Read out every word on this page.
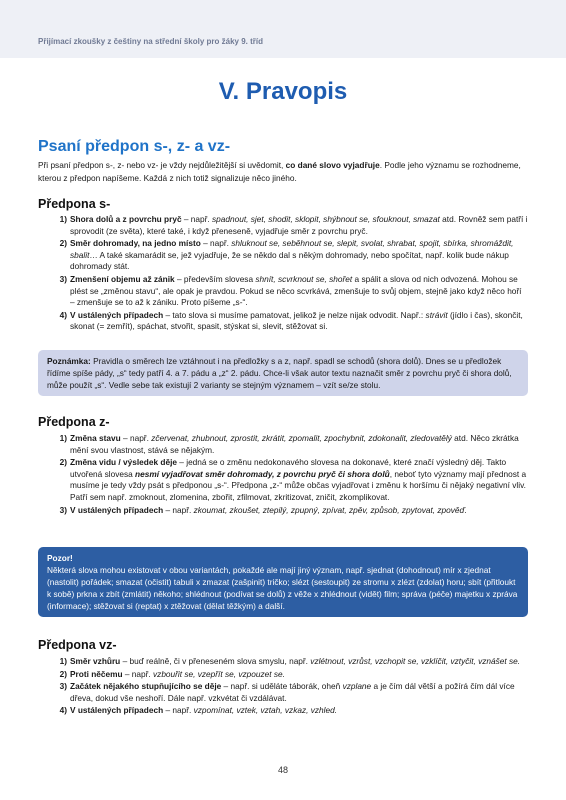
Přijímací zkoušky z češtiny na střední školy pro žáky 9. tříd
V. Pravopis
Psaní předpon s-, z- a vz-
Při psaní předpon s-, z- nebo vz- je vždy nejdůležitější si uvědomit, co dané slovo vyjadřuje. Podle jeho významu se rozhodneme, kterou z předpon napíšeme. Každá z nich totiž signalizuje něco jiného.
Předpona s-
1) Shora dolů a z povrchu pryč – např. spadnout, sjet, shodit, sklopit, shýbnout se, sfouknout, smazat atd. Rovněž sem patří i sprovodit (ze světa), které také, i když přeneseně, vyjadřuje směr z povrchu pryč.
2) Směr dohromady, na jedno místo – např. shluknout se, seběhnout se, slepit, svolat, shrabat, spojit, sbírka, shromáždit, sbalit… A také skamarádit se, jež vyjadřuje, že se někdo dal s někým dohromady, nebo spočítat, např. kolik bude nákup dohromady stát.
3) Zmenšení objemu až zánik – především slovesa shnít, scvrknout se, shořet a spálit a slova od nich odvozená. Mohou se plést se „změnou stavu“, ale opak je pravdou. Pokud se něco scvrkává, zmenšuje to svůj objem, stejně jako když něco hoří – zmenšuje se to až k zániku. Proto píšeme „s-“.
4) V ustálených případech – tato slova si musíme pamatovat, jelikož je nelze nijak odvodit. Např.: strávit (jídlo i čas), skončit, skonat (= zemřít), spáchat, stvořit, spasit, stýskat si, slevit, stěžovat si.
Poznámka: Pravidla o směrech lze vztáhnout i na předložky s a z, např. spadl se schodů (shora dolů). Dnes se u předložek řídíme spíše pády, „s“ tedy patří 4. a 7. pádu a „z“ 2. pádu. Chce-li však autor textu naznačit směr z povrchu pryč či shora dolů, může použít „s“. Vedle sebe tak existují 2 varianty se stejným významem – vzít se/ze stolu.
Předpona z-
1) Změna stavu – např. zčervenat, zhubnout, zprostit, zkrátit, zpomalit, zpochybnit, zdokonalit, zledovatělý atd. Něco zkrátka mění svou vlastnost, stává se nějakým.
2) Změna vidu / výsledek děje – jedná se o změnu nedokonavého slovesa na dokonavé, které značí výsledný děj. Takto utvořená slovesa nesmí vyjadřovat směr dohromady, z povrchu pryč či shora dolů, neboť tyto významy mají přednost a musíme je tedy vždy psát s předponou „s-“. Předpona „z-“ může občas vyjadřovat i změnu k horšímu či nějaký negativní vliv. Patří sem např. zmoknout, zlomenina, zbořit, zfilmovat, zkritizovat, zničit, zkomplikovat.
3) V ustálených případech – např. zkoumat, zkoušet, ztepilý, zpupný, zpívat, zpěv, způsob, zpytovat, zpověď.
Pozor!
Některá slova mohou existovat v obou variantách, pokaždé ale mají jiný význam, např. sjednat (dohodnout) mír x zjednat (nastolit) pořádek; smazat (očistit) tabuli x zmazat (zašpinit) tričko; slézt (sestoupit) ze stromu x zlézt (zdolat) horu; sbít (přitloukt k sobě) prkna x zbít (zmlátit) někoho; shlédnout (podívat se dolů) z věže x zhlédnout (vidět) film; správa (péče) majetku x zpráva (informace); stěžovat si (reptat) x ztěžovat (dělat těžkým) a další.
Předpona vz-
1) Směr vzhůru – buď reálně, či v přeneseném slova smyslu, např. vzlétnout, vzrůst, vzchopit se, vzklíčit, vztyčit, vznášet se.
2) Proti něčemu – např. vzbouřit se, vzepřít se, vzpouzet se.
3) Začátek nějakého stupňujícího se děje – např. si uděláte táborák, oheň vzplane a je čím dál větší a požírá čím dál více dřeva, dokud vše neshoří. Dále např. vzkvétat či vzdálávat.
4) V ustálených případech – např. vzpomínat, vztek, vztah, vzkaz, vzhled.
48
